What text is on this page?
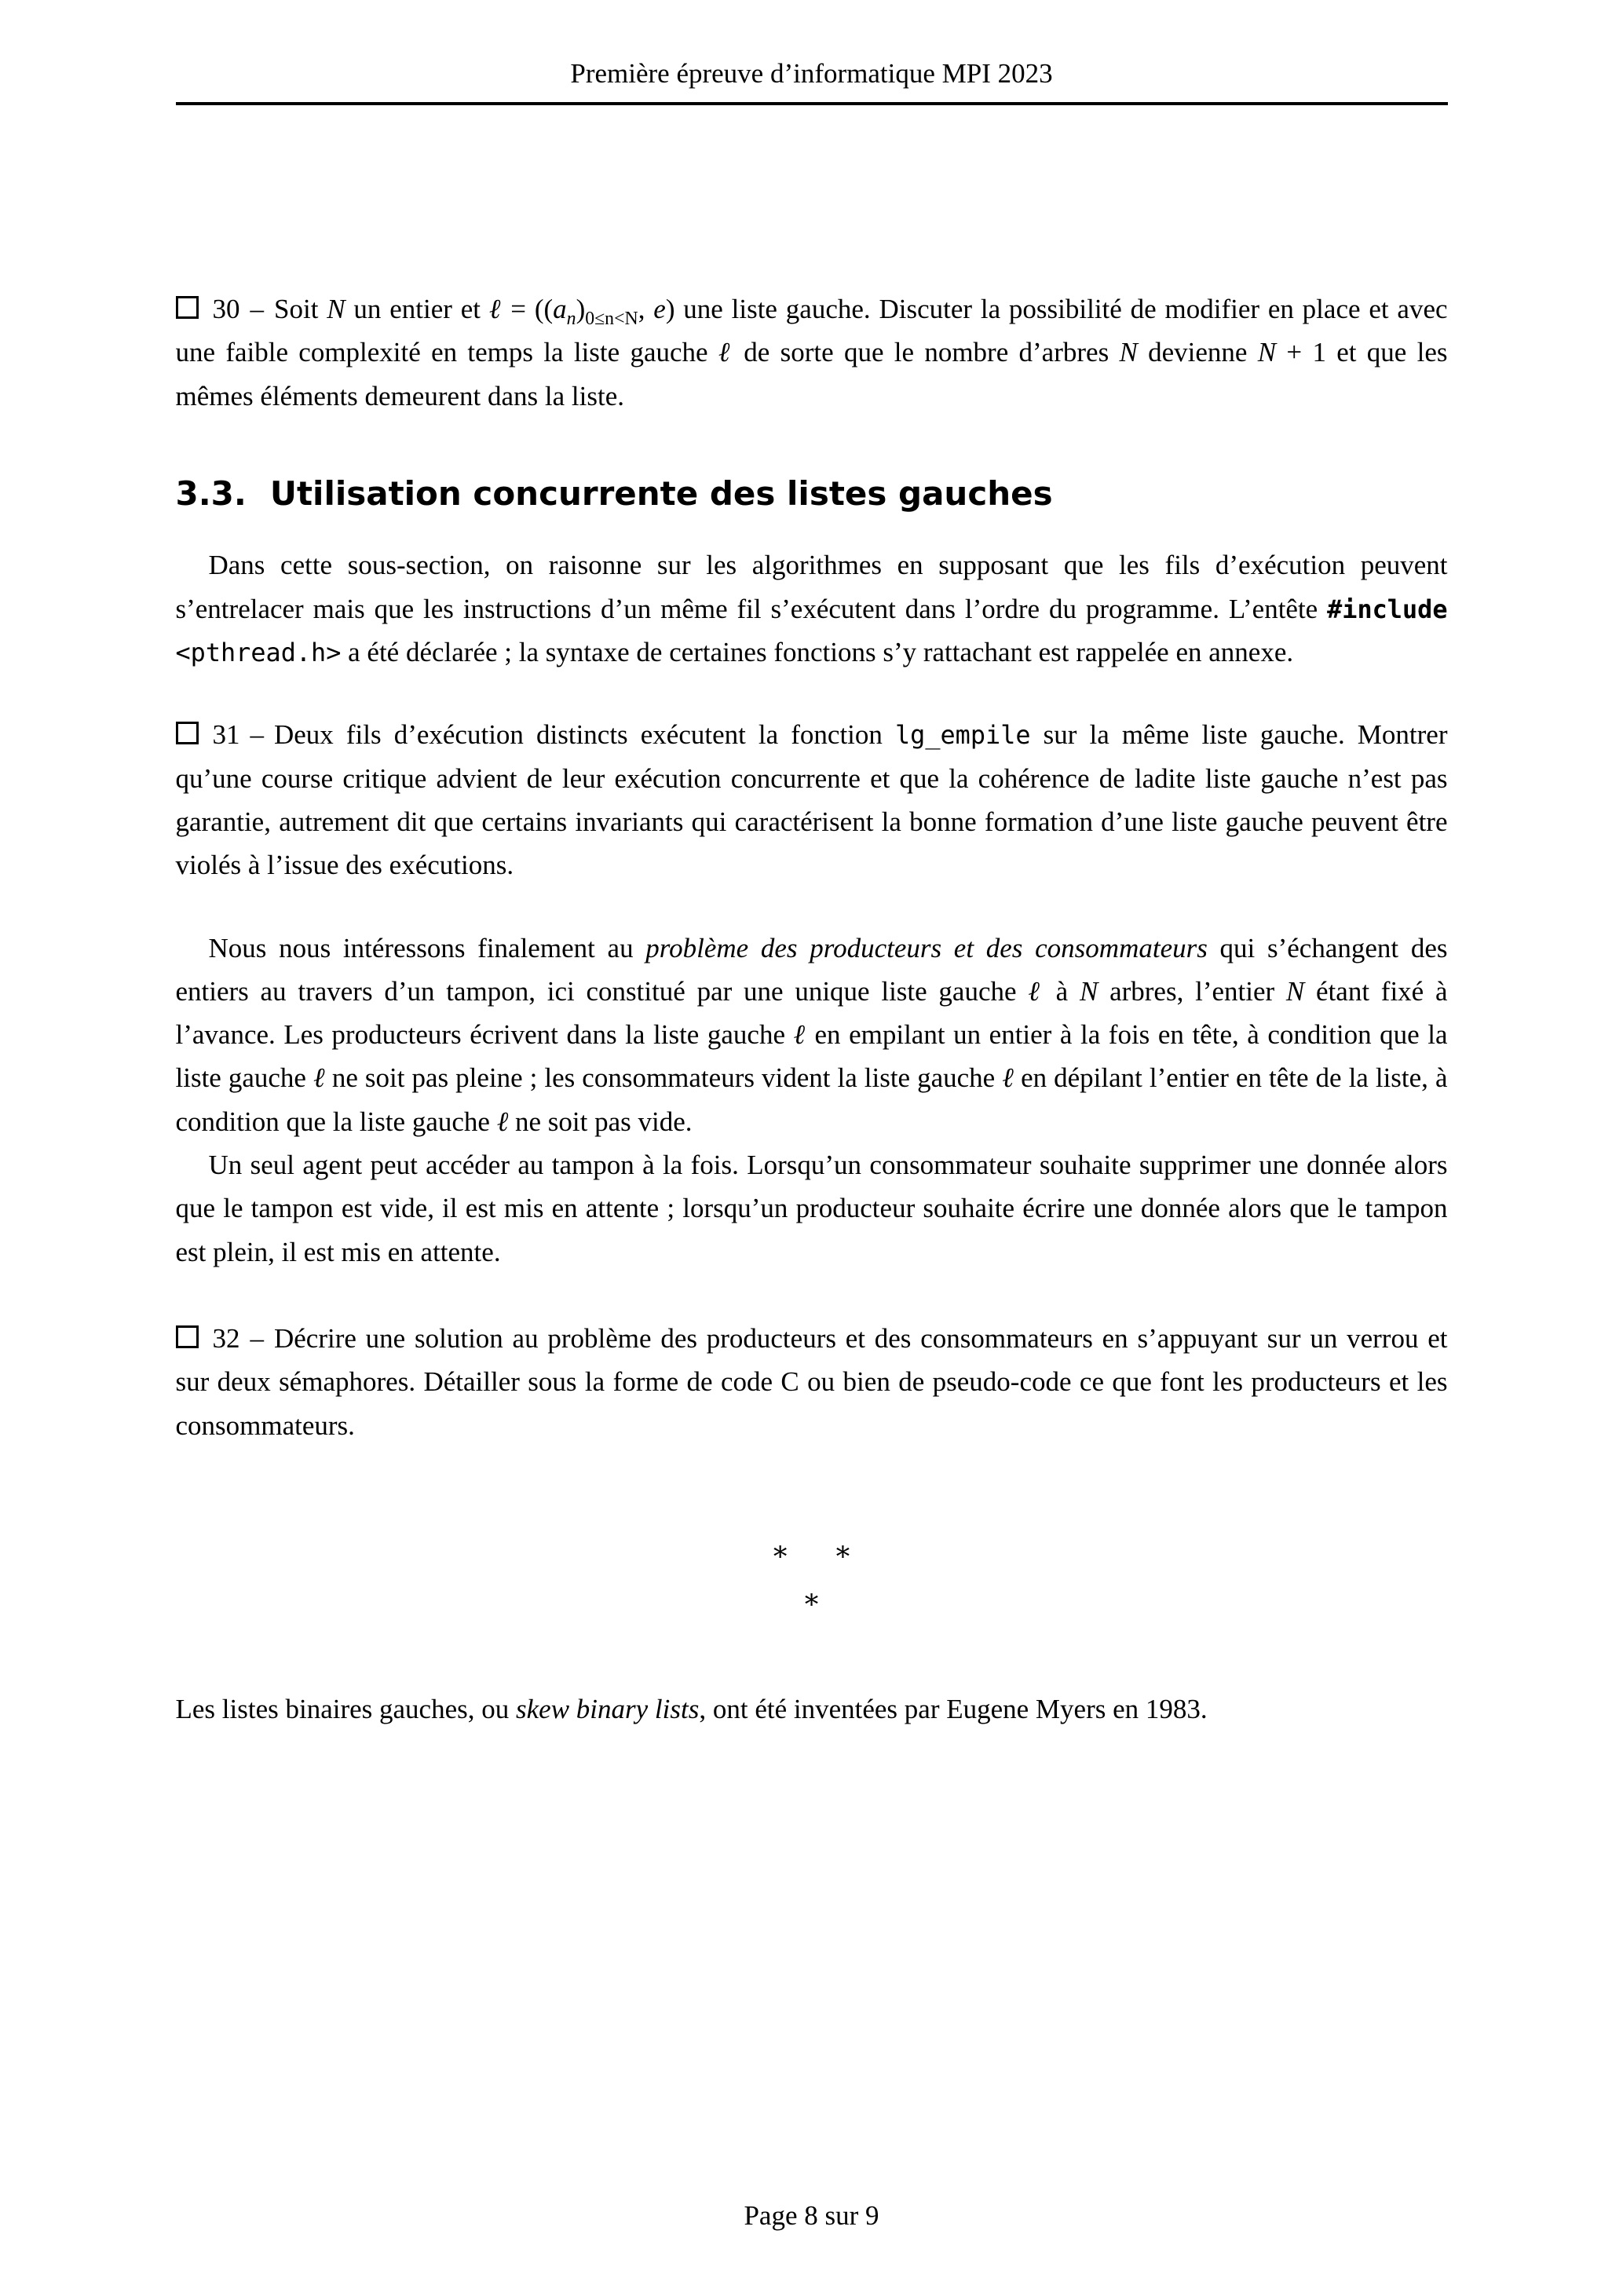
Première épreuve d’informatique MPI 2023

30 – Soit N un entier et ℓ = ($(a_n)_{0\le n<N}$, e) une liste gauche. Discuter la possibilité de modifier en place et avec une faible complexité en temps la liste gauche ℓ de sorte que le nombre d’arbres N devienne N + 1 et que les mêmes éléments demeurent dans la liste.

3.3. Utilisation concurrente des listes gauches

Dans cette sous-section, on raisonne sur les algorithmes en supposant que les fils d’exécution peuvent s’entrelacer mais que les instructions d’un même fil s’exécutent dans l’ordre du programme. L’entête #include <pthread.h> a été déclarée ; la syntaxe de certaines fonctions s’y rattachant est rappelée en annexe.

31 – Deux fils d’exécution distincts exécutent la fonction lg_empile sur la même liste gauche. Montrer qu’une course critique advient de leur exécution concurrente et que la cohérence de ladite liste gauche n’est pas garantie, autrement dit que certains invariants qui caractérisent la bonne formation d’une liste gauche peuvent être violés à l’issue des exécutions.

Nous nous intéressons finalement au problème des producteurs et des consommateurs qui s’échangent des entiers au travers d’un tampon, ici constitué par une unique liste gauche ℓ à N arbres, l’entier N étant fixé à l’avance. Les producteurs écrivent dans la liste gauche ℓ en empilant un entier à la fois en tête, à condition que la liste gauche ℓ ne soit pas pleine ; les consommateurs vident la liste gauche ℓ en dépilant l’entier en tête de la liste, à condition que la liste gauche ℓ ne soit pas vide.

Un seul agent peut accéder au tampon à la fois. Lorsqu’un consommateur souhaite supprimer une donnée alors que le tampon est vide, il est mis en attente ; lorsqu’un producteur souhaite écrire une donnée alors que le tampon est plein, il est mis en attente.

32 – Décrire une solution au problème des producteurs et des consommateurs en s’appuyant sur un verrou et sur deux sémaphores. Détailler sous la forme de code C ou bien de pseudo-code ce que font les producteurs et les consommateurs.

∗ ∗
∗

Les listes binaires gauches, ou skew binary lists, ont été inventées par Eugene Myers en 1983.

Page 8 sur 9
